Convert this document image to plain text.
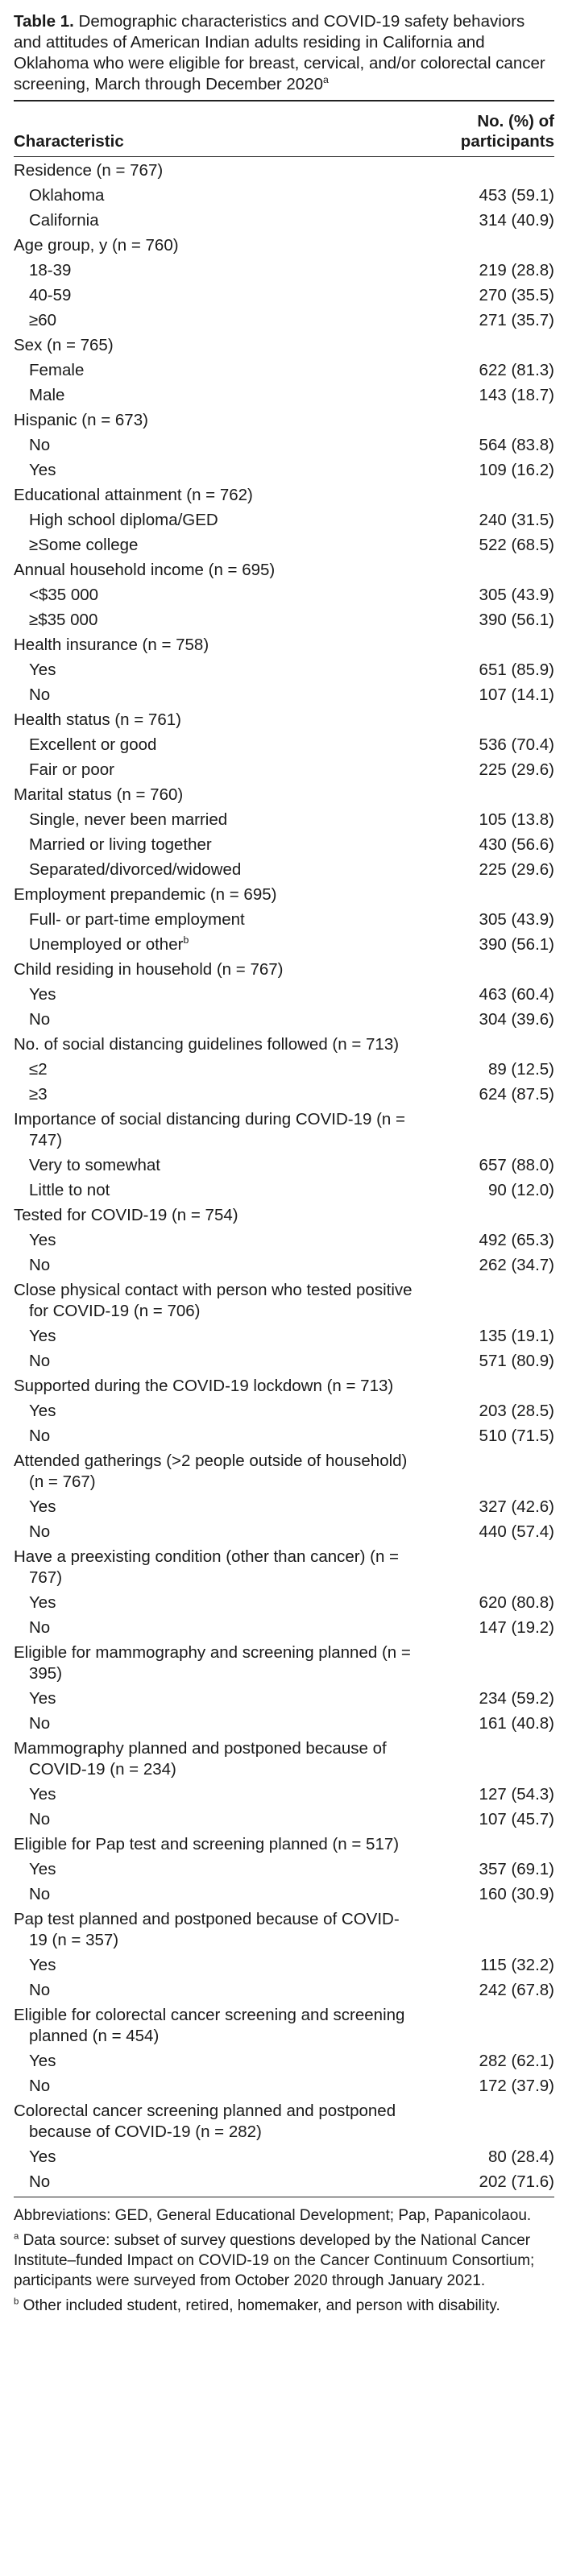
Table 1. Demographic characteristics and COVID-19 safety behaviors and attitudes of American Indian adults residing in California and Oklahoma who were eligible for breast, cervical, and/or colorectal cancer screening, March through December 2020$^a$

Characteristic
No. (%) of participants
Residence (n = 767)
Oklahoma	453 (59.1)
California	314 (40.9)
Age group, y (n = 760)
18-39	219 (28.8)
40-59	270 (35.5)
≥60	271 (35.7)
Sex (n = 765)
Female	622 (81.3)
Male	143 (18.7)
Hispanic (n = 673)
No	564 (83.8)
Yes	109 (16.2)
Educational attainment (n = 762)
High school diploma/GED	240 (31.5)
≥Some college	522 (68.5)
Annual household income (n = 695)
<$35 000	305 (43.9)
≥$35 000	390 (56.1)
Health insurance (n = 758)
Yes	651 (85.9)
No	107 (14.1)
Health status (n = 761)
Excellent or good	536 (70.4)
Fair or poor	225 (29.6)
Marital status (n = 760)
Single, never been married	105 (13.8)
Married or living together	430 (56.6)
Separated/divorced/widowed	225 (29.6)
Employment prepandemic (n = 695)
Full- or part-time employment	305 (43.9)
Unemployed or other$^b$	390 (56.1)
Child residing in household (n = 767)
Yes	463 (60.4)
No	304 (39.6)
No. of social distancing guidelines followed (n = 713)
≤2	89 (12.5)
≥3	624 (87.5)
Importance of social distancing during COVID-19 (n = 747)
Very to somewhat	657 (88.0)
Little to not	90 (12.0)
Tested for COVID-19 (n = 754)
Yes	492 (65.3)
No	262 (34.7)
Close physical contact with person who tested positive for COVID-19 (n = 706)
Yes	135 (19.1)
No	571 (80.9)
Supported during the COVID-19 lockdown (n = 713)
Yes	203 (28.5)
No	510 (71.5)
Attended gatherings (>2 people outside of household) (n = 767)
Yes	327 (42.6)
No	440 (57.4)
Have a preexisting condition (other than cancer) (n = 767)
Yes	620 (80.8)
No	147 (19.2)
Eligible for mammography and screening planned (n = 395)
Yes	234 (59.2)
No	161 (40.8)
Mammography planned and postponed because of COVID-19 (n = 234)
Yes	127 (54.3)
No	107 (45.7)
Eligible for Pap test and screening planned (n = 517)
Yes	357 (69.1)
No	160 (30.9)
Pap test planned and postponed because of COVID-19 (n = 357)
Yes	115 (32.2)
No	242 (67.8)
Eligible for colorectal cancer screening and screening planned (n = 454)
Yes	282 (62.1)
No	172 (37.9)
Colorectal cancer screening planned and postponed because of COVID-19 (n = 282)
Yes	80 (28.4)
No	202 (71.6)

Abbreviations: GED, General Educational Development; Pap, Papanicolaou.

$^a$ Data source: subset of survey questions developed by the National Cancer Institute–funded Impact on COVID-19 on the Cancer Continuum Consortium; participants were surveyed from October 2020 through January 2021.

$^b$ Other included student, retired, homemaker, and person with disability.
